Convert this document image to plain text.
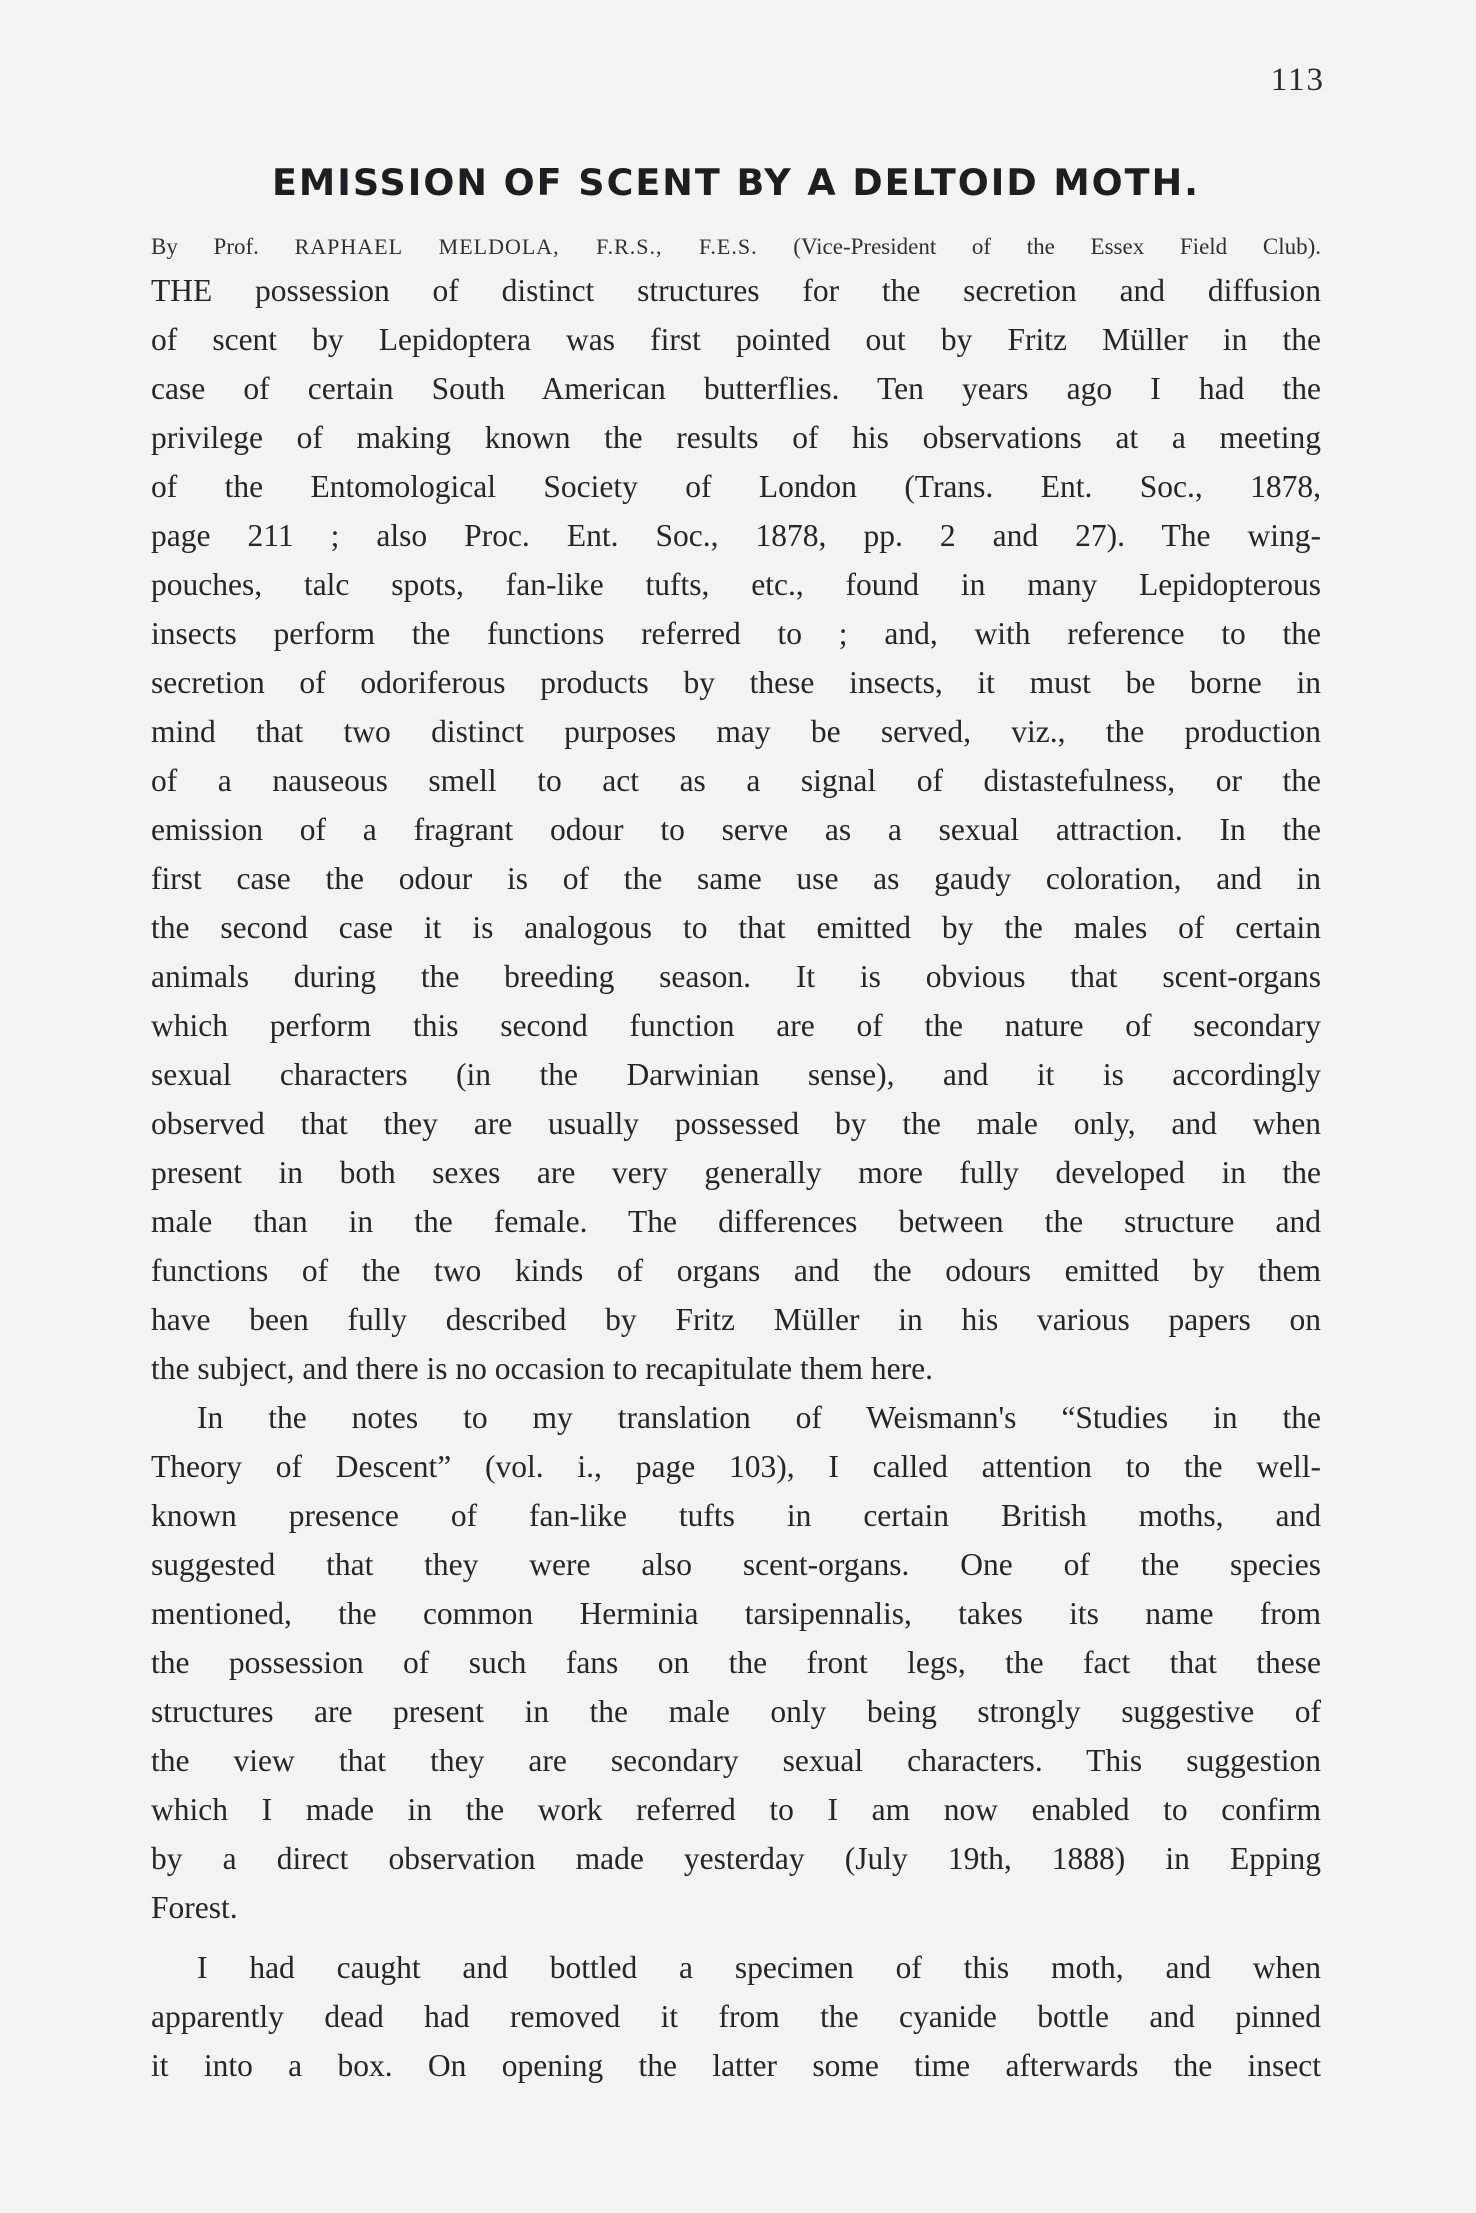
113
EMISSION OF SCENT BY A DELTOID MOTH.
By Prof. RAPHAEL MELDOLA, F.R.S., F.E.S. (Vice-President of the Essex Field Club).
THE possession of distinct structures for the secretion and diffusion
of scent by Lepidoptera was first pointed out by Fritz Müller in the
case of certain South American butterflies. Ten years ago I had the
privilege of making known the results of his observations at a meeting
of the Entomological Society of London (Trans. Ent. Soc., 1878,
page 211 ; also Proc. Ent. Soc., 1878, pp. 2 and 27). The wing-
pouches, talc spots, fan-like tufts, etc., found in many Lepidopterous
insects perform the functions referred to ; and, with reference to the
secretion of odoriferous products by these insects, it must be borne in
mind that two distinct purposes may be served, viz., the production
of a nauseous smell to act as a signal of distastefulness, or the
emission of a fragrant odour to serve as a sexual attraction. In the
first case the odour is of the same use as gaudy coloration, and in
the second case it is analogous to that emitted by the males of certain
animals during the breeding season. It is obvious that scent-organs
which perform this second function are of the nature of secondary
sexual characters (in the Darwinian sense), and it is accordingly
observed that they are usually possessed by the male only, and when
present in both sexes are very generally more fully developed in the
male than in the female. The differences between the structure and
functions of the two kinds of organs and the odours emitted by them
have been fully described by Fritz Müller in his various papers on
the subject, and there is no occasion to recapitulate them here.
In the notes to my translation of Weismann's “Studies in the
Theory of Descent” (vol. i., page 103), I called attention to the well-
known presence of fan-like tufts in certain British moths, and
suggested that they were also scent-organs. One of the species
mentioned, the common Herminia tarsipennalis, takes its name from
the possession of such fans on the front legs, the fact that these
structures are present in the male only being strongly suggestive of
the view that they are secondary sexual characters. This suggestion
which I made in the work referred to I am now enabled to confirm
by a direct observation made yesterday (July 19th, 1888) in Epping
Forest.
I had caught and bottled a specimen of this moth, and when
apparently dead had removed it from the cyanide bottle and pinned
it into a box. On opening the latter some time afterwards the insect
